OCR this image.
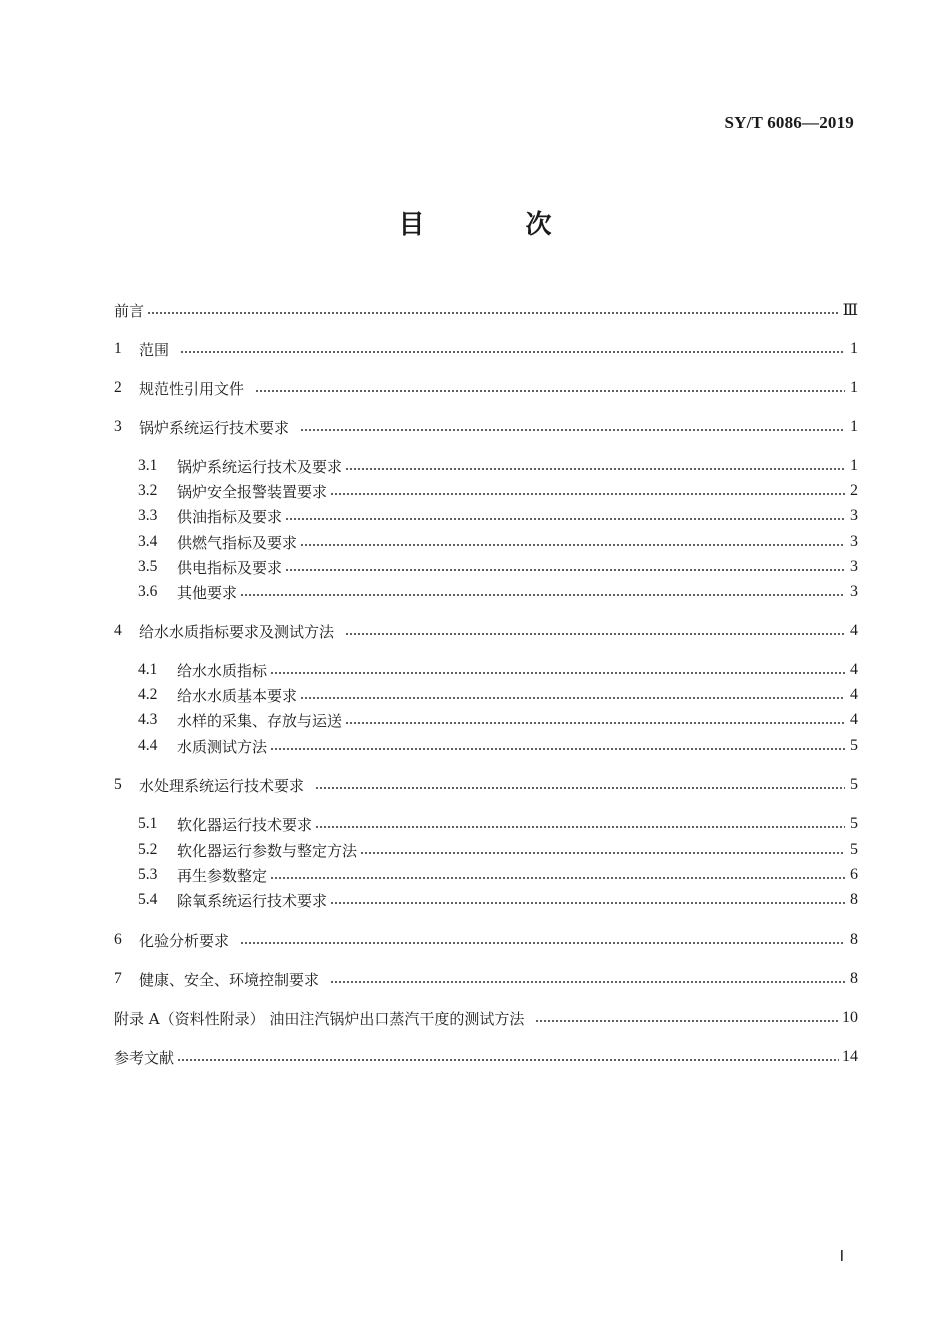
SY/T 6086—2019
目 次
前言	Ⅲ
1	范围	1
2	规范性引用文件	1
3	锅炉系统运行技术要求	1
3.1	锅炉系统运行技术及要求	1
3.2	锅炉安全报警装置要求	2
3.3	供油指标及要求	3
3.4	供燃气指标及要求	3
3.5	供电指标及要求	3
3.6	其他要求	3
4	给水水质指标要求及测试方法	4
4.1	给水水质指标	4
4.2	给水水质基本要求	4
4.3	水样的采集、存放与运送	4
4.4	水质测试方法	5
5	水处理系统运行技术要求	5
5.1	软化器运行技术要求	5
5.2	软化器运行参数与整定方法	5
5.3	再生参数整定	6
5.4	除氧系统运行技术要求	8
6	化验分析要求	8
7	健康、安全、环境控制要求	8
附录 A（资料性附录） 油田注汽锅炉出口蒸汽干度的测试方法	10
参考文献	14
Ⅰ
